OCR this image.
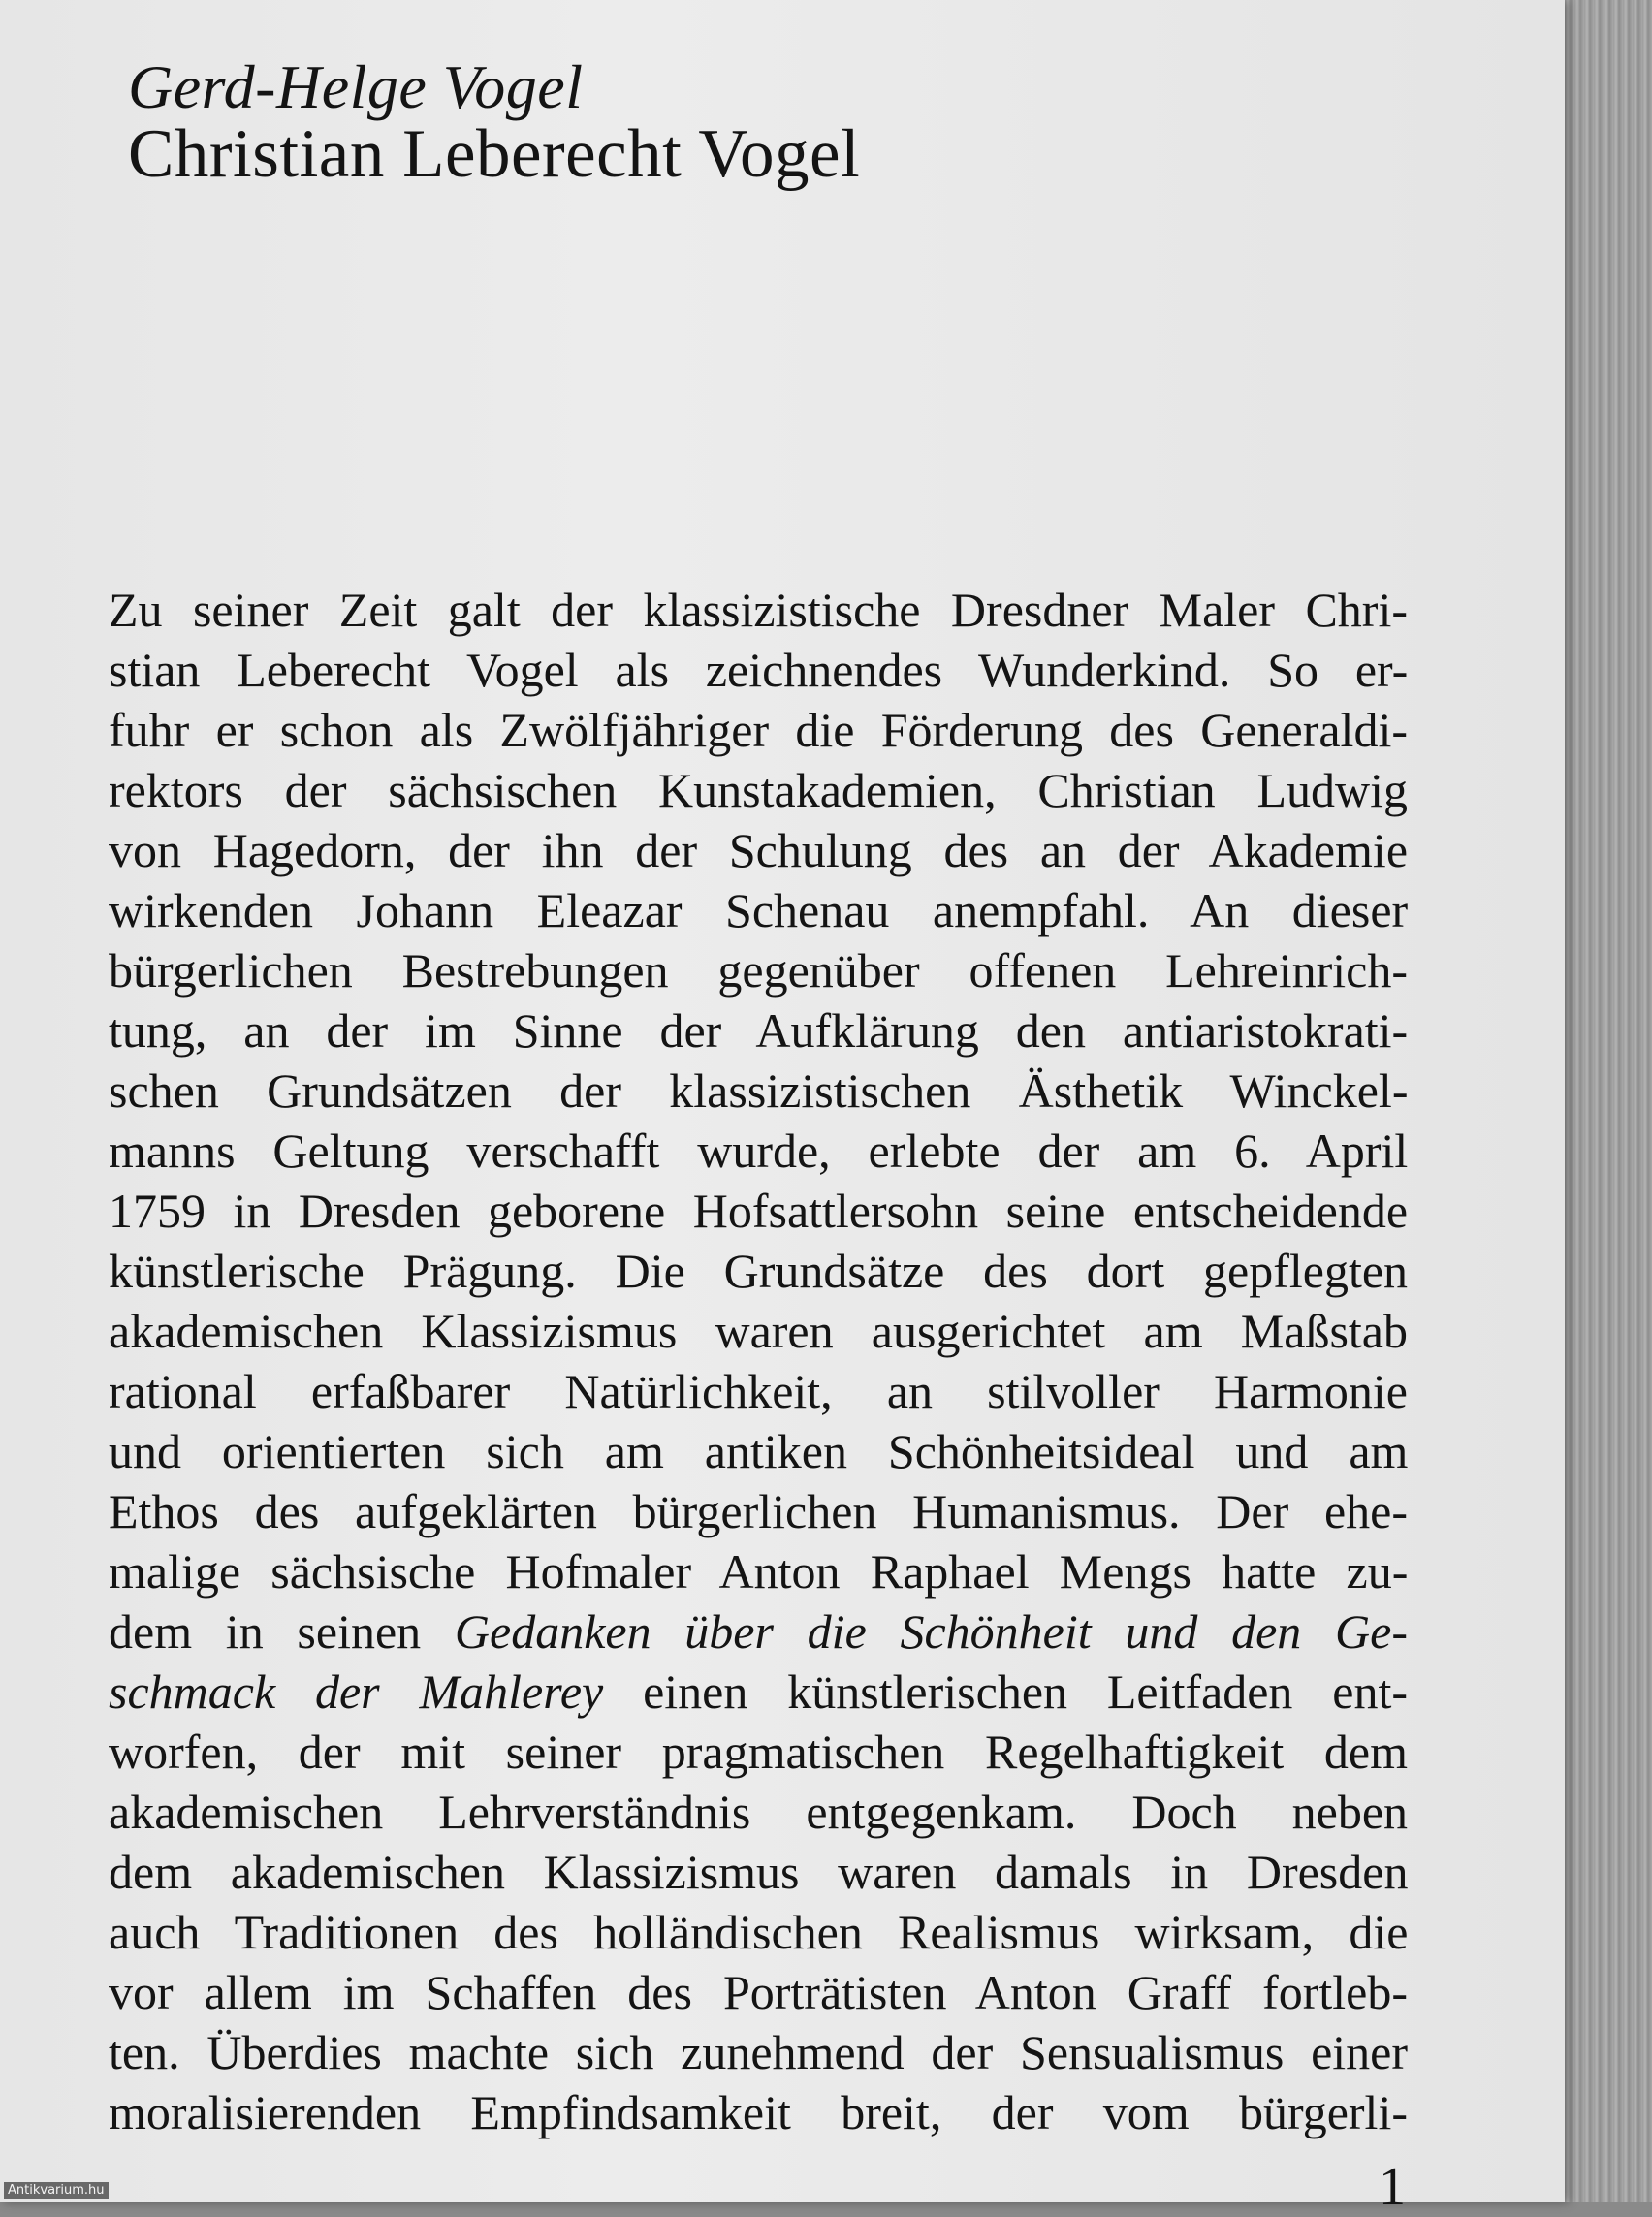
Gerd-Helge Vogel
Christian Leberecht Vogel
Zu seiner Zeit galt der klassizistische Dresdner Maler Chri-
stian Leberecht Vogel als zeichnendes Wunderkind. So er-
fuhr er schon als Zwölfjähriger die Förderung des Generaldi-
rektors der sächsischen Kunstakademien, Christian Ludwig
von Hagedorn, der ihn der Schulung des an der Akademie
wirkenden Johann Eleazar Schenau anempfahl. An dieser
bürgerlichen Bestrebungen gegenüber offenen Lehreinrich-
tung, an der im Sinne der Aufklärung den antiaristokrati-
schen Grundsätzen der klassizistischen Ästhetik Winckel-
manns Geltung verschafft wurde, erlebte der am 6. April
1759 in Dresden geborene Hofsattlersohn seine entscheidende
künstlerische Prägung. Die Grundsätze des dort gepflegten
akademischen Klassizismus waren ausgerichtet am Maßstab
rational erfaßbarer Natürlichkeit, an stilvoller Harmonie
und orientierten sich am antiken Schönheitsideal und am
Ethos des aufgeklärten bürgerlichen Humanismus. Der ehe-
malige sächsische Hofmaler Anton Raphael Mengs hatte zu-
dem in seinen Gedanken über die Schönheit und den Ge-
schmack der Mahlerey einen künstlerischen Leitfaden ent-
worfen, der mit seiner pragmatischen Regelhaftigkeit dem
akademischen Lehrverständnis entgegenkam. Doch neben
dem akademischen Klassizismus waren damals in Dresden
auch Traditionen des holländischen Realismus wirksam, die
vor allem im Schaffen des Porträtisten Anton Graff fortleb-
ten. Überdies machte sich zunehmend der Sensualismus einer
moralisierenden Empfindsamkeit breit, der vom bürgerli-
1
Antikvarium.hu
